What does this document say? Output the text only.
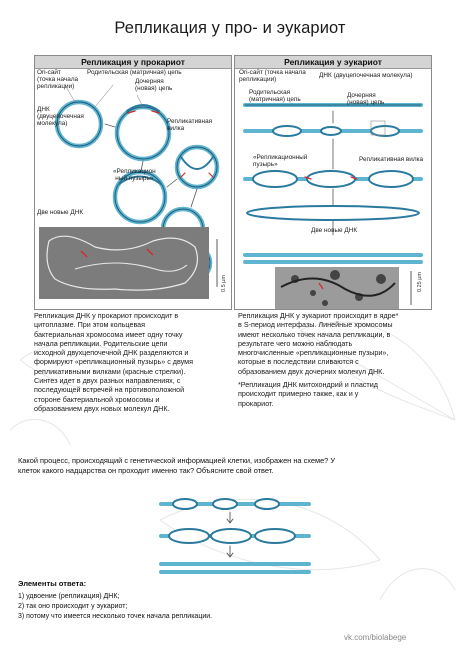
Репликация у про- и эукариот
Репликация у прокариот
Ori-сайт
(точка начала
репликации)
Родительская (матричная) цепь
Дочерняя
(новая) цепь
ДНК
(двуцепочечная
молекула)	Репликативная
вилка
«Репликацион
ный пузырь»
Две новые ДНК
0.5 µm
Репликация у эукариот
Ori-сайт (точка начала
репликации)
ДНК (двуцепочечная молекула)
Родительская
(матричная) цепь
Дочерняя
(новая) цепь
«Репликационный
пузырь»
Репликативная вилка
Две новые ДНК
0.25 µm
Репликация ДНК у прокариот происходит в
цитоплазме. При этом кольцевая
бактериальная хромосома имеет одну точку
начала репликации. Родительские цепи
исходной двухцепочечной ДНК разделяются и
формируют «репликационный пузырь» с двумя
репликативными вилками (красные стрелки).
Синтез идет в двух разных направлениях, с
последующей встречей на противоположной
стороне бактериальной хромосомы и
образованием двух новых молекул ДНК.
Репликация ДНК у эукариот происходит в ядре*
в S-период интерфазы. Линейные хромосомы
имеют несколько точек начала репликации, в
результате чего можно наблюдать
многочисленные «репликационные пузыри»,
которые в последствии сливаются с
образованием двух дочерних молекул ДНК.
*Репликация ДНК митохондрий и пластид
происходит примерно также, как и у
прокариот.
Какой процесс, происходящий с генетической информацией клетки, изображен на схеме? У
клеток какого надцарства он проходит именно так? Объясните свой ответ.
Элементы ответа:
1) удвоение (репликация) ДНК;
2) так оно происходит у эукариот;
3) потому что имеется несколько точек начала репликации.
vk.com/biolabege
